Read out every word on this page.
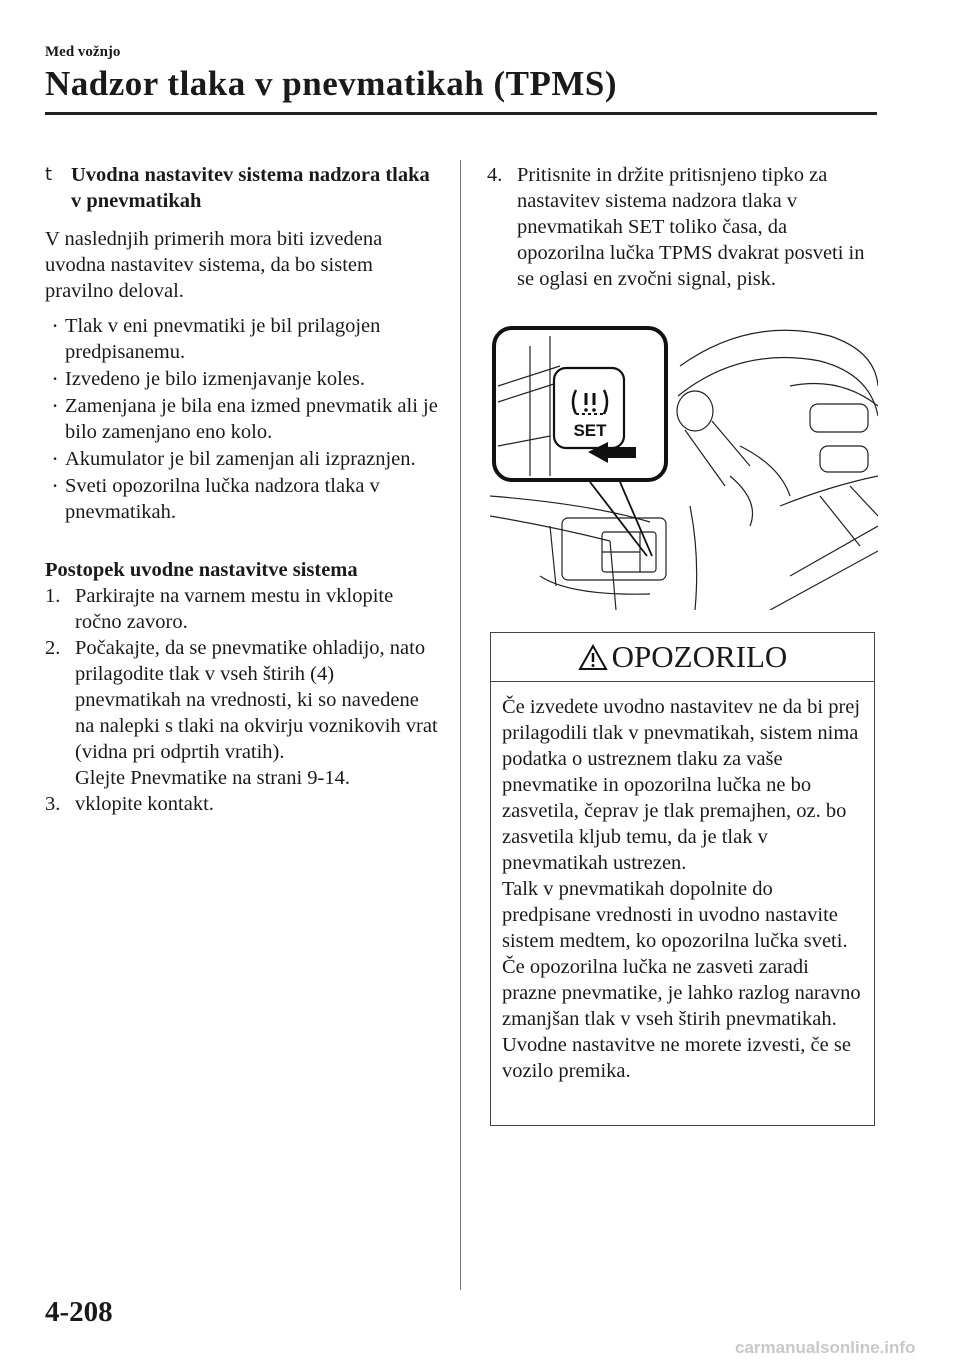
Med vožnjo
Nadzor tlaka v pnevmatikah (TPMS)
t Uvodna nastavitev sistema nadzora tlaka v pnevmatikah
V naslednjih primerih mora biti izvedena uvodna nastavitev sistema, da bo sistem pravilno deloval.
· Tlak v eni pnevmatiki je bil prilagojen predpisanemu.
· Izvedeno je bilo izmenjavanje koles.
· Zamenjana je bila ena izmed pnevmatik ali je bilo zamenjano eno kolo.
· Akumulator je bil zamenjan ali izpraznjen.
· Sveti opozorilna lučka nadzora tlaka v pnevmatikah.
Postopek uvodne nastavitve sistema
1. Parkirajte na varnem mestu in vklopite ročno zavoro.
2. Počakajte, da se pnevmatike ohladijo, nato prilagodite tlak v vseh štirih (4) pnevmatikah na vrednosti, ki so navedene na nalepki s tlaki na okvirju voznikovih vrat (vidna pri odprtih vratih).
Glejte Pnevmatike na strani 9-14.
3. vklopite kontakt.
4. Pritisnite in držite pritisnjeno tipko za nastavitev sistema nadzora tlaka v pnevmatikah SET toliko časa, da opozorilna lučka TPMS dvakrat posveti in se oglasi en zvočni signal, pisk.
SET
OPOZORILO
Če izvedete uvodno nastavitev ne da bi prej prilagodili tlak v pnevmatikah, sistem nima podatka o ustreznem tlaku za vaše pnevmatike in opozorilna lučka ne bo zasvetila, čeprav je tlak premajhen, oz. bo zasvetila kljub temu, da je tlak v pnevmatikah ustrezen.
Talk v pnevmatikah dopolnite do predpisane vrednosti in uvodno nastavite sistem medtem, ko opozorilna lučka sveti. Če opozorilna lučka ne zasveti zaradi prazne pnevmatike, je lahko razlog naravno zmanjšan tlak v vseh štirih pnevmatikah.
Uvodne nastavitve ne morete izvesti, če se vozilo premika.
4-208
carmanualsonline.info
